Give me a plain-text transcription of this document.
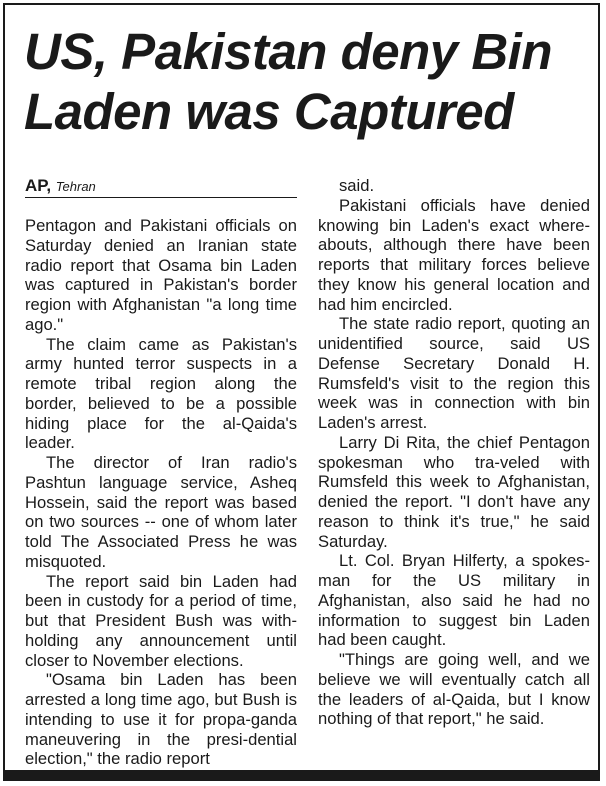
US, Pakistan deny Bin
Laden was Captured
AP, Tehran

Pentagon and Pakistani officials on Saturday denied an Iranian state radio report that Osama bin Laden was captured in Pakistan's border region with Afghanistan "a long time ago."

The claim came as Pakistan's army hunted terror suspects in a remote tribal region along the border, believed to be a possible hiding place for the al-Qaida's leader.

The director of Iran radio's Pashtun language service, Asheq Hossein, said the report was based on two sources -- one of whom later told The Associated Press he was misquoted.

The report said bin Laden had been in custody for a period of time, but that President Bush was with-holding any announcement until closer to November elections.

"Osama bin Laden has been arrested a long time ago, but Bush is intending to use it for propa-ganda maneuvering in the presi-dential election," the radio report

said.

Pakistani officials have denied knowing bin Laden's exact where-abouts, although there have been reports that military forces believe they know his general location and had him encircled.

The state radio report, quoting an unidentified source, said US Defense Secretary Donald H. Rumsfeld's visit to the region this week was in connection with bin Laden's arrest.

Larry Di Rita, the chief Pentagon spokesman who tra-veled with Rumsfeld this week to Afghanistan, denied the report. "I don't have any reason to think it's true," he said Saturday.

Lt. Col. Bryan Hilferty, a spokes-man for the US military in Afghanistan, also said he had no information to suggest bin Laden had been caught.

"Things are going well, and we believe we will eventually catch all the leaders of al-Qaida, but I know nothing of that report," he said.
